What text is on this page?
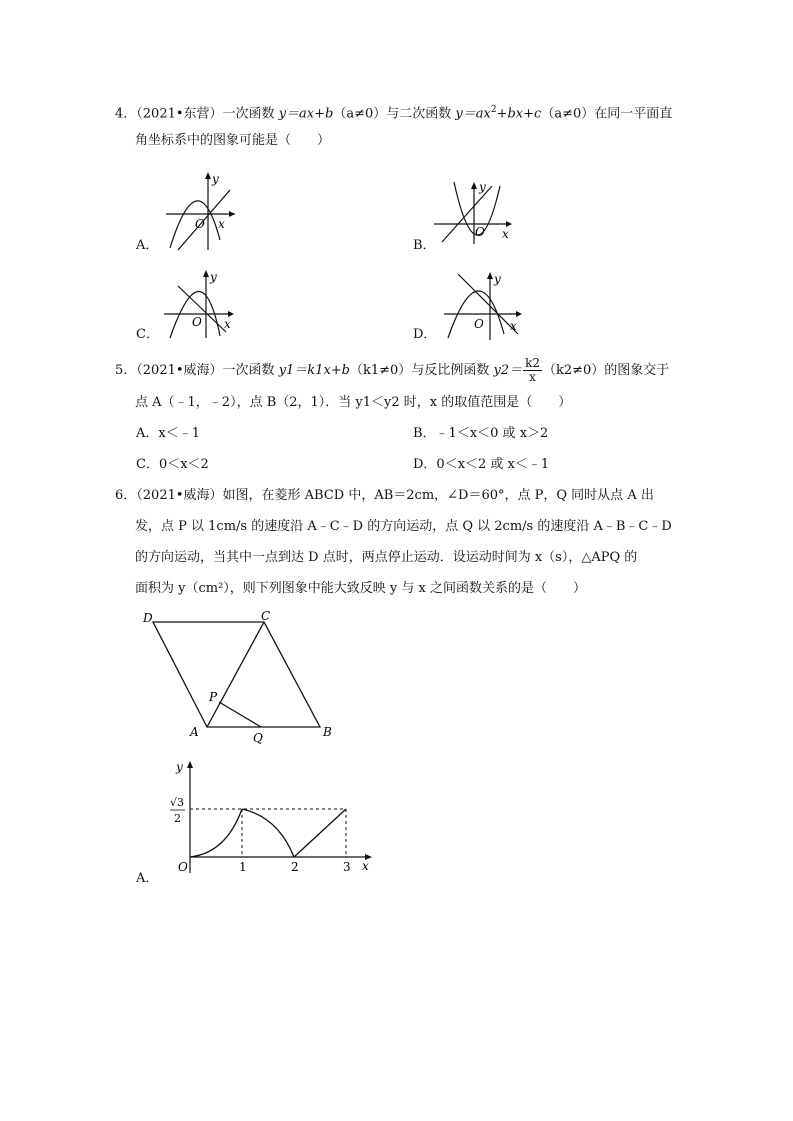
4．（2021•东营）一次函数 y＝ax+b（a≠0）与二次函数 $y=ax^2+bx+c(a\ne 0)$在同一平面直
角坐标系中的图象可能是（　　）
y
x
O
A．
y
x
O
B．
y
x
O
C．
y
x
O
D．
5．（2021•威海）一次函数 y1＝k1x+b（k1≠0）与反比例函数 $y2= \frac{k2}{x} (k2\ne 0)$的图象交于
点 A（﹣1，﹣2），点 B（2，1）．当 y1＜y2 时，x 的取值范围是（　　）
A．x＜﹣1	B．﹣1＜x＜0 或 x＞2
C．0＜x＜2	D．0＜x＜2 或 x＜﹣1
6．（2021•威海）如图，在菱形 ABCD 中，AB＝2cm，∠D＝60°，点 P，Q 同时从点 A 出
发，点 P 以 1cm/s 的速度沿 A﹣C﹣D 的方向运动，点 Q 以 2cm/s 的速度沿 A﹣B﹣C﹣D
的方向运动，当其中一点到达 D 点时，两点停止运动．设运动时间为 x（s），△APQ 的
面积为 y（cm²），则下列图象中能大致反映 y 与 x 之间函数关系的是（　　）
D	C
P
A	Q	B
y
x
O	1	2	3
√3
2
A．
